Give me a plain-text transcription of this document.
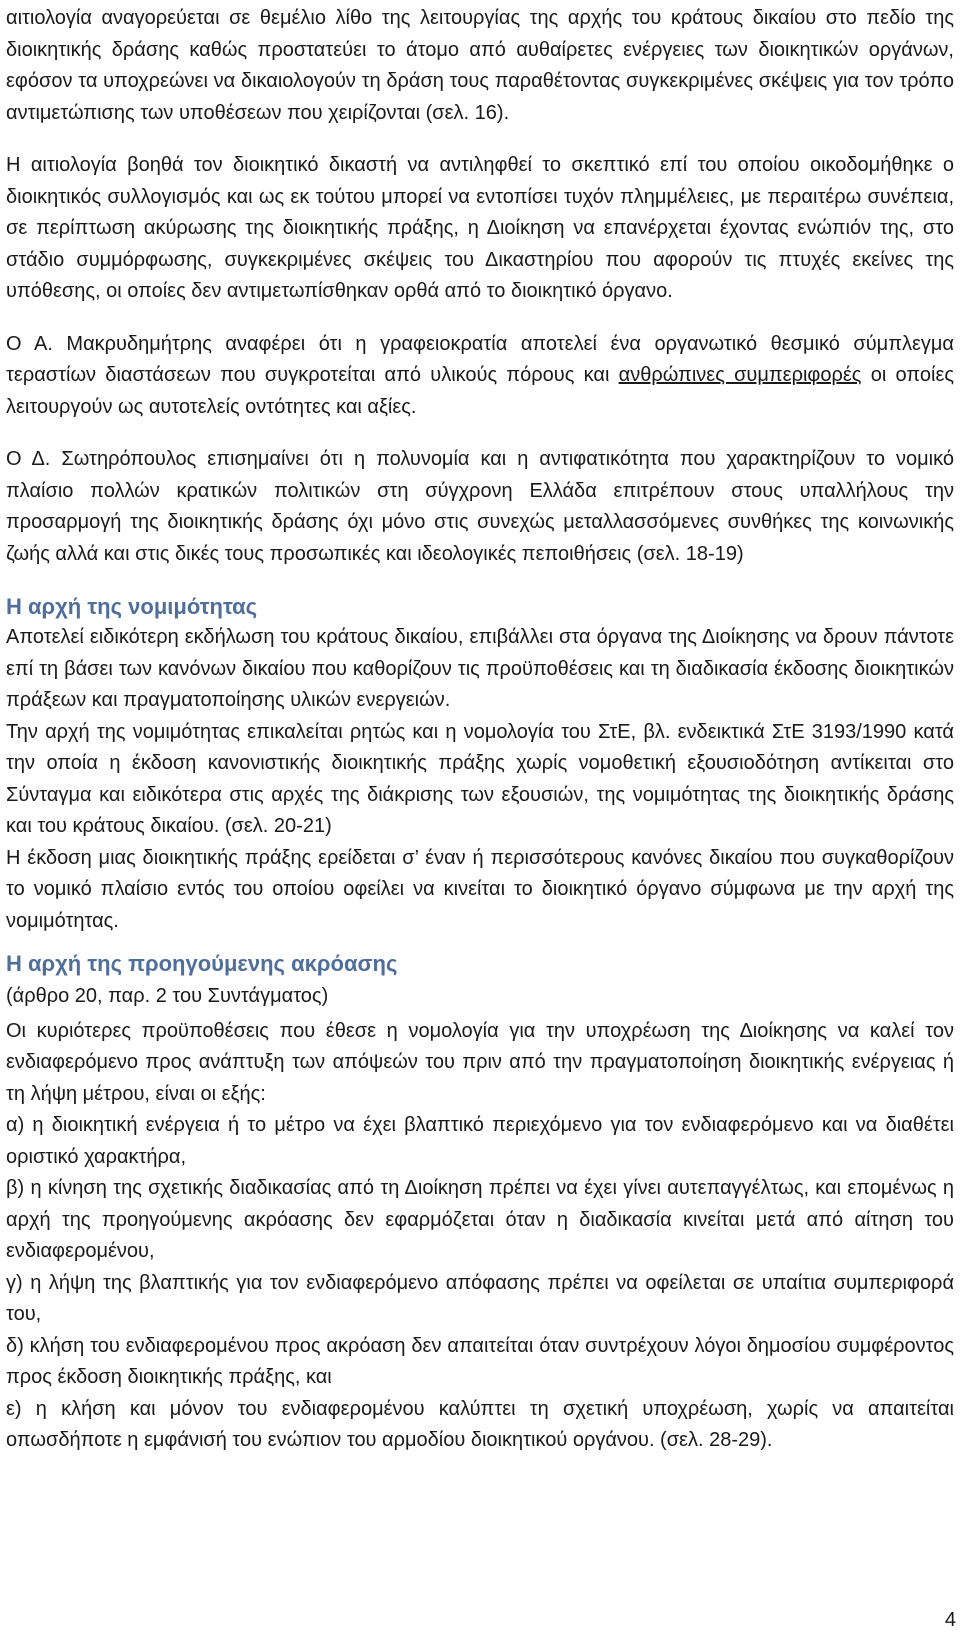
αιτιολογία αναγορεύεται σε θεμέλιο λίθο της λειτουργίας της αρχής του κράτους δικαίου στο πεδίο της διοικητικής δράσης καθώς προστατεύει το άτομο από αυθαίρετες ενέργειες των διοικητικών οργάνων, εφόσον τα υποχρεώνει να δικαιολογούν τη δράση τους παραθέτοντας συγκεκριμένες σκέψεις για τον τρόπο αντιμετώπισης των υποθέσεων που χειρίζονται (σελ. 16).

Η αιτιολογία βοηθά τον διοικητικό δικαστή να αντιληφθεί το σκεπτικό επί του οποίου οικοδομήθηκε ο διοικητικός συλλογισμός και ως εκ τούτου μπορεί να εντοπίσει τυχόν πλημμέλειες, με περαιτέρω συνέπεια, σε περίπτωση ακύρωσης της διοικητικής πράξης, η Διοίκηση να επανέρχεται έχοντας ενώπιόν της, στο στάδιο συμμόρφωσης, συγκεκριμένες σκέψεις του Δικαστηρίου που αφορούν τις πτυχές εκείνες της υπόθεσης, οι οποίες δεν αντιμετωπίσθηκαν ορθά από το διοικητικό όργανο.

Ο Α. Μακρυδημήτρης αναφέρει ότι η γραφειοκρατία αποτελεί ένα οργανωτικό θεσμικό σύμπλεγμα τεραστίων διαστάσεων που συγκροτείται από υλικούς πόρους και ανθρώπινες συμπεριφορές οι οποίες λειτουργούν ως αυτοτελείς οντότητες και αξίες.

Ο Δ. Σωτηρόπουλος επισημαίνει ότι η πολυνομία και η αντιφατικότητα που χαρακτηρίζουν το νομικό πλαίσιο πολλών κρατικών πολιτικών στη σύγχρονη Ελλάδα επιτρέπουν στους υπαλλήλους την προσαρμογή της διοικητικής δράσης όχι μόνο στις συνεχώς μεταλλασσόμενες συνθήκες της κοινωνικής ζωής αλλά και στις δικές τους προσωπικές και ιδεολογικές πεποιθήσεις (σελ. 18-19)

Η αρχή της νομιμότητας

Αποτελεί ειδικότερη εκδήλωση του κράτους δικαίου, επιβάλλει στα όργανα της Διοίκησης να δρουν πάντοτε επί τη βάσει των κανόνων δικαίου που καθορίζουν τις προϋποθέσεις και τη διαδικασία έκδοσης διοικητικών πράξεων και πραγματοποίησης υλικών ενεργειών.

Την αρχή της νομιμότητας επικαλείται ρητώς και η νομολογία του ΣτΕ, βλ. ενδεικτικά ΣτΕ 3193/1990 κατά την οποία η έκδοση κανονιστικής διοικητικής πράξης χωρίς νομοθετική εξουσιοδότηση αντίκειται στο Σύνταγμα και ειδικότερα στις αρχές της διάκρισης των εξουσιών, της νομιμότητας της διοικητικής δράσης και του κράτους δικαίου. (σελ. 20-21)

Η έκδοση μιας διοικητικής πράξης ερείδεται σ’ έναν ή περισσότερους κανόνες δικαίου που συγκαθορίζουν το νομικό πλαίσιο εντός του οποίου οφείλει να κινείται το διοικητικό όργανο σύμφωνα με την αρχή της νομιμότητας.

Η αρχή της προηγούμενης ακρόασης

(άρθρο 20, παρ. 2 του Συντάγματος)

Οι κυριότερες προϋποθέσεις που έθεσε η νομολογία για την υποχρέωση της Διοίκησης να καλεί τον ενδιαφερόμενο προς ανάπτυξη των απόψεών του πριν από την πραγματοποίηση διοικητικής ενέργειας ή τη λήψη μέτρου, είναι οι εξής:

α) η διοικητική ενέργεια ή το μέτρο να έχει βλαπτικό περιεχόμενο για τον ενδιαφερόμενο και να διαθέτει οριστικό χαρακτήρα,

β) η κίνηση της σχετικής διαδικασίας από τη Διοίκηση πρέπει να έχει γίνει αυτεπαγγέλτως, και επομένως η αρχή της προηγούμενης ακρόασης δεν εφαρμόζεται όταν η διαδικασία κινείται μετά από αίτηση του ενδιαφερομένου,

γ) η λήψη της βλαπτικής για τον ενδιαφερόμενο απόφασης πρέπει να οφείλεται σε υπαίτια συμπεριφορά του,

δ) κλήση του ενδιαφερομένου προς ακρόαση δεν απαιτείται όταν συντρέχουν λόγοι δημοσίου συμφέροντος προς έκδοση διοικητικής πράξης, και

ε) η κλήση και μόνον του ενδιαφερομένου καλύπτει τη σχετική υποχρέωση, χωρίς να απαιτείται οπωσδήποτε η εμφάνισή του ενώπιον του αρμοδίου διοικητικού οργάνου. (σελ. 28-29).

4
